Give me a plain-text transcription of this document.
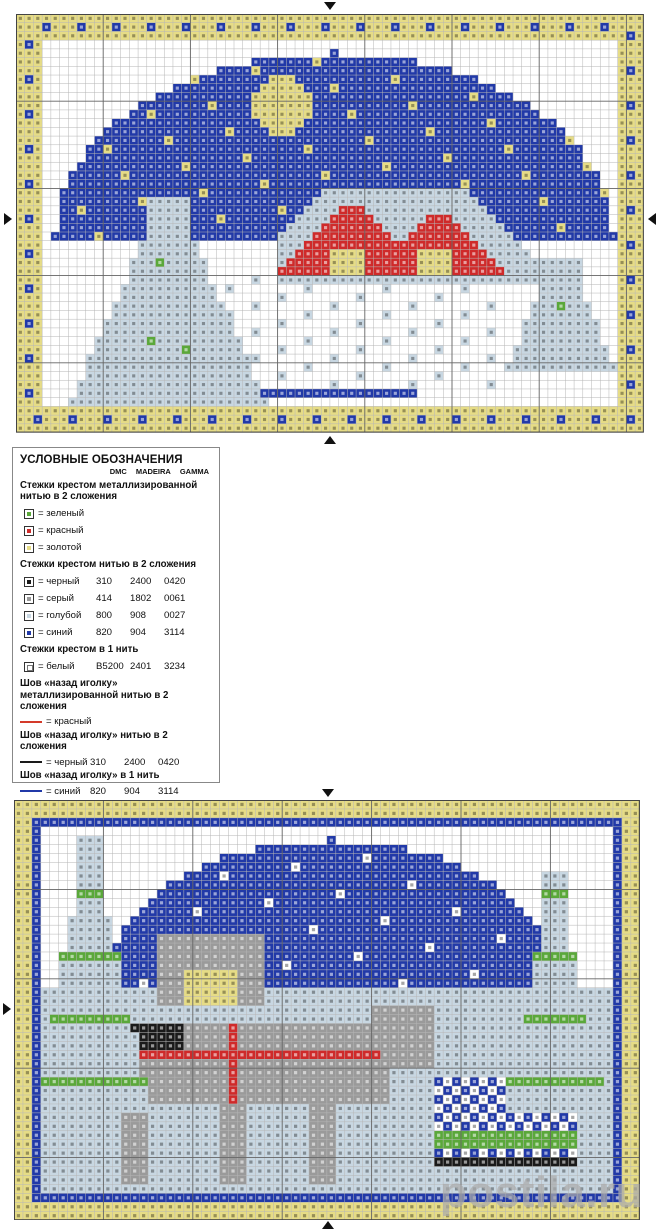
УСЛОВНЫЕ ОБОЗНАЧЕНИЯ
DMC MADEIRA GAMMA
Стежки крестом металлизированной нитью в 2 сложения
= зеленый
= красный
= золотой
Стежки крестом нитью в 2 сложения
= черный	310	2400	0420
= серый	414	1802	0061
= голубой	800	908	0027
= синий	820	904	3114
Стежки крестом в 1 нить
= белый	B5200 2401	3234
Шов «назад иголку» металлизированной нитью в 2 сложения
= красный
Шов «назад иголку» нитью в 2 сложения
= черный 310	2400	0420
Шов «назад иголку» в 1 нить
= синий 820	904	3114
postila.ru
